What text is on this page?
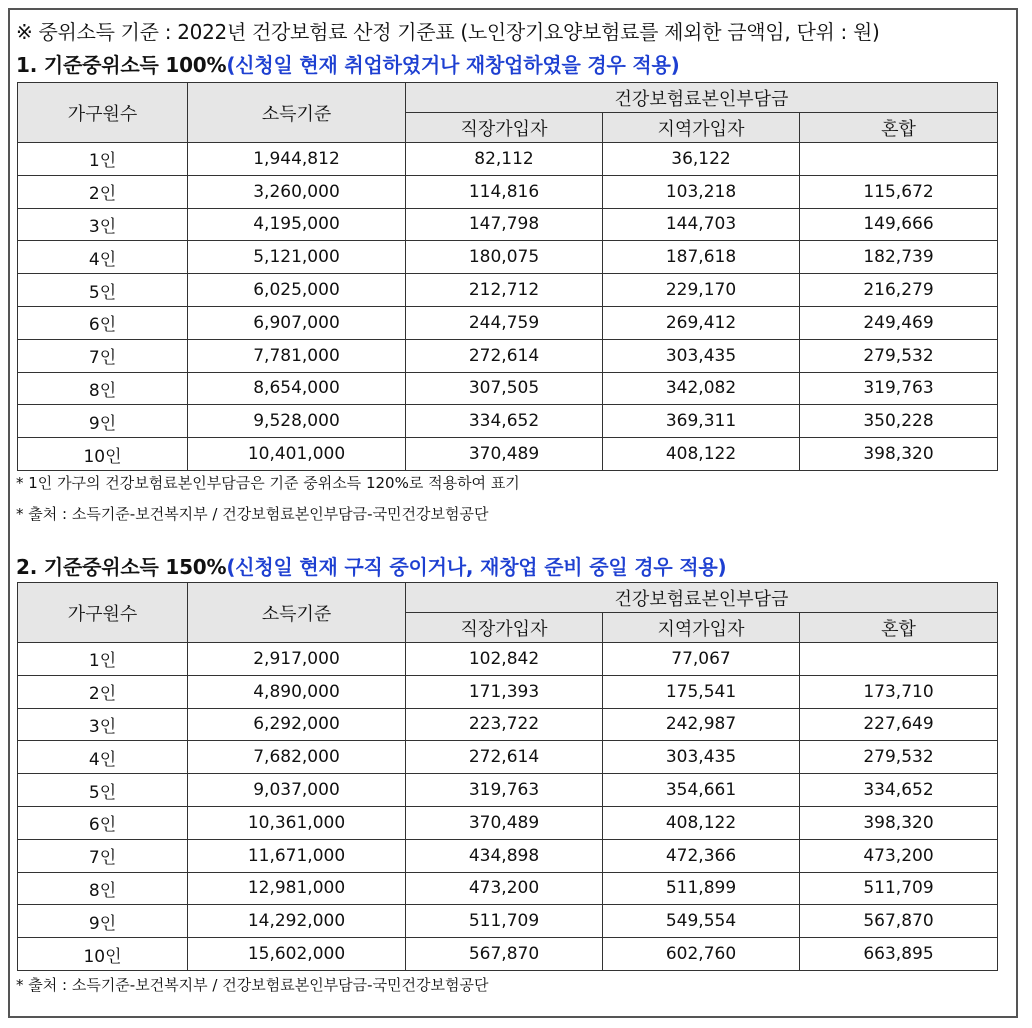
※ 중위소득 기준 : 2022년 건강보험료 산정 기준표 (노인장기요양보험료를 제외한 금액임, 단위 : 원)
1. 기준중위소득 100%(신청일 현재 취업하였거나 재창업하였을 경우 적용)
가구원수	소득기준	건강보험료본인부담금		
		직장가입자	지역가입자	혼합
1인	1,944,812	82,112	36,122	
2인	3,260,000	114,816	103,218	115,672
3인	4,195,000	147,798	144,703	149,666
4인	5,121,000	180,075	187,618	182,739
5인	6,025,000	212,712	229,170	216,279
6인	6,907,000	244,759	269,412	249,469
7인	7,781,000	272,614	303,435	279,532
8인	8,654,000	307,505	342,082	319,763
9인	9,528,000	334,652	369,311	350,228
10인	10,401,000	370,489	408,122	398,320
* 1인 가구의 건강보험료본인부담금은 기준 중위소득 120%로 적용하여 표기
* 출처 : 소득기준-보건복지부 / 건강보험료본인부담금-국민건강보험공단
2. 기준중위소득 150%(신청일 현재 구직 중이거나, 재창업 준비 중일 경우 적용)
가구원수	소득기준	건강보험료본인부담금		
		직장가입자	지역가입자	혼합
1인	2,917,000	102,842	77,067	
2인	4,890,000	171,393	175,541	173,710
3인	6,292,000	223,722	242,987	227,649
4인	7,682,000	272,614	303,435	279,532
5인	9,037,000	319,763	354,661	334,652
6인	10,361,000	370,489	408,122	398,320
7인	11,671,000	434,898	472,366	473,200
8인	12,981,000	473,200	511,899	511,709
9인	14,292,000	511,709	549,554	567,870
10인	15,602,000	567,870	602,760	663,895
* 출처 : 소득기준-보건복지부 / 건강보험료본인부담금-국민건강보험공단
